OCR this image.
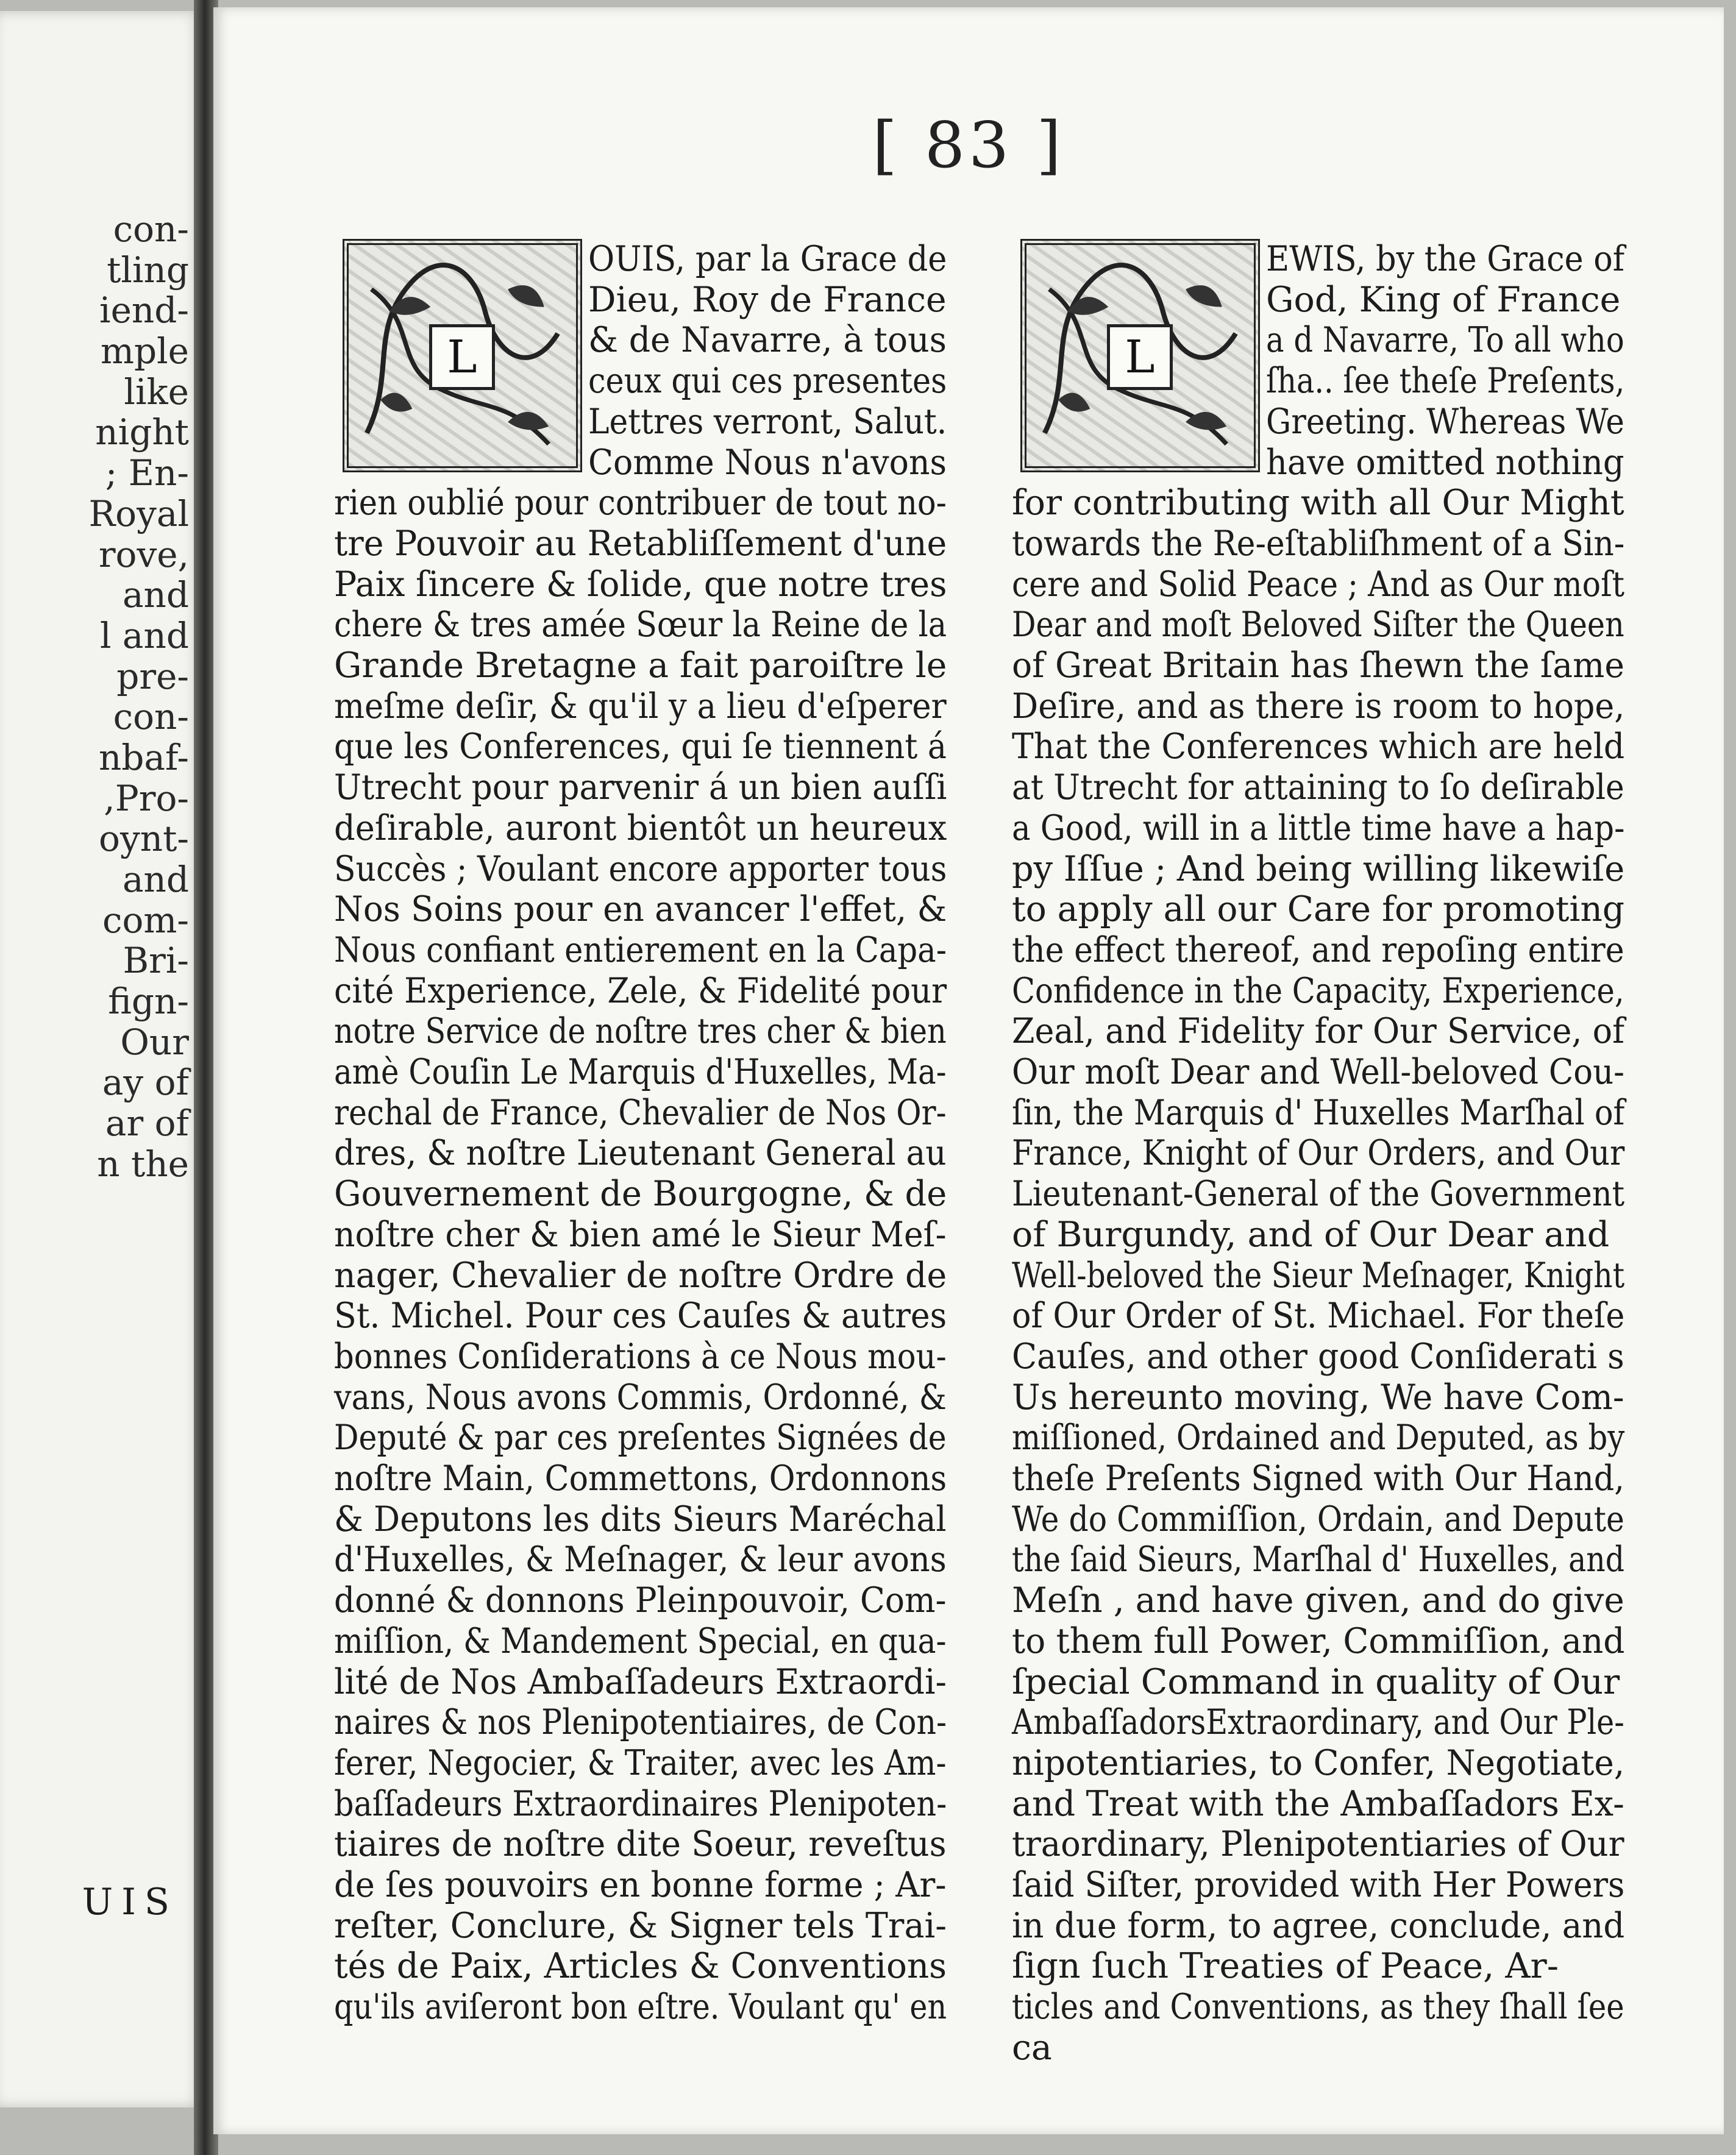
con-
tling
iend-
mple
like
night
; En-
Royal
rove,
and
l and
pre-
con-
nbaf-
,Pro-
oynt-
and
com-
Bri-
fign-
Our
ay of
ar of
n the
UIS
[ 83 ]
L
OUIS, par la Grace de
Dieu, Roy de France
& de Navarre, à tous
ceux qui ces presentes
Lettres verront, Salut.
Comme Nous n'avons
rien oublié pour contribuer de tout no-
tre Pouvoir au Retabliſſement d'une
Paix ſincere & ſolide, que notre tres
chere & tres amée Sœur la Reine de la
Grande Bretagne a fait paroiſtre le
meſme deſir, & qu'il y a lieu d'eſperer
que les Conferences, qui ſe tiennent á
Utrecht pour parvenir á un bien auſſi
deſirable, auront bientôt un heureux
Succès ; Voulant encore apporter tous
Nos Soins pour en avancer l'effet, &
Nous confiant entierement en la Capa-
cité Experience, Zele, & Fidelité pour
notre Service de noſtre tres cher & bien
amè Couſin Le Marquis d'Huxelles, Ma-
rechal de France, Chevalier de Nos Or-
dres, & noſtre Lieutenant General au
Gouvernement de Bourgogne, & de
noſtre cher & bien amé le Sieur Meſ-
nager, Chevalier de noſtre Ordre de
St. Michel. Pour ces Cauſes & autres
bonnes Conſiderations à ce Nous mou-
vans, Nous avons Commis, Ordonné, &
Deputé & par ces preſentes Signées de
noſtre Main, Commettons, Ordonnons
& Deputons les dits Sieurs Maréchal
d'Huxelles, & Meſnager, & leur avons
donné & donnons Pleinpouvoir, Com-
miſſion, & Mandement Special, en qua-
lité de Nos Ambaſſadeurs Extraordi-
naires & nos Plenipotentiaires, de Con-
ferer, Negocier, & Traiter, avec les Am-
baſſadeurs Extraordinaires Plenipoten-
tiaires de noſtre dite Soeur, reveſtus
de ſes pouvoirs en bonne forme ; Ar-
reſter, Conclure, & Signer tels Trai-
tés de Paix, Articles & Conventions
qu'ils aviſeront bon eſtre. Voulant qu' en
L
EWIS, by the Grace of
God, King of France
a d Navarre, To all who
ſha.. ſee theſe Preſents,
Greeting. Whereas We
have omitted nothing
for contributing with all Our Might
towards the Re-eſtabliſhment of a Sin-
cere and Solid Peace ; And as Our moſt
Dear and moſt Beloved Siſter the Queen
of Great Britain has ſhewn the ſame
Deſire, and as there is room to hope,
That the Conferences which are held
at Utrecht for attaining to ſo deſirable
a Good, will in a little time have a hap-
py Iſſue ; And being willing likewiſe
to apply all our Care for promoting
the effect thereof, and repoſing entire
Confidence in the Capacity, Experience,
Zeal, and Fidelity for Our Service, of
Our moſt Dear and Well-beloved Cou-
ſin, the Marquis d' Huxelles Marſhal of
France, Knight of Our Orders, and Our
Lieutenant-General of the Government
of Burgundy, and of Our Dear and
Well-beloved the Sieur Meſnager, Knight
of Our Order of St. Michael. For theſe
Cauſes, and other good Conſiderati s
Us hereunto moving, We have Com-
miſſioned, Ordained and Deputed, as by
theſe Preſents Signed with Our Hand,
We do Commiſſion, Ordain, and Depute
the ſaid Sieurs, Marſhal d' Huxelles, and
Meſn , and have given, and do give
to them full Power, Commiſſion, and
ſpecial Command in quality of Our
AmbaſſadorsExtraordinary, and Our Ple-
nipotentiaries, to Confer, Negotiate,
and Treat with the Ambaſſadors Ex-
traordinary, Plenipotentiaries of Our
ſaid Siſter, provided with Her Powers
in due form, to agree, conclude, and
ſign ſuch Treaties of Peace, Ar-
ticles and Conventions, as they ſhall ſee
ca
